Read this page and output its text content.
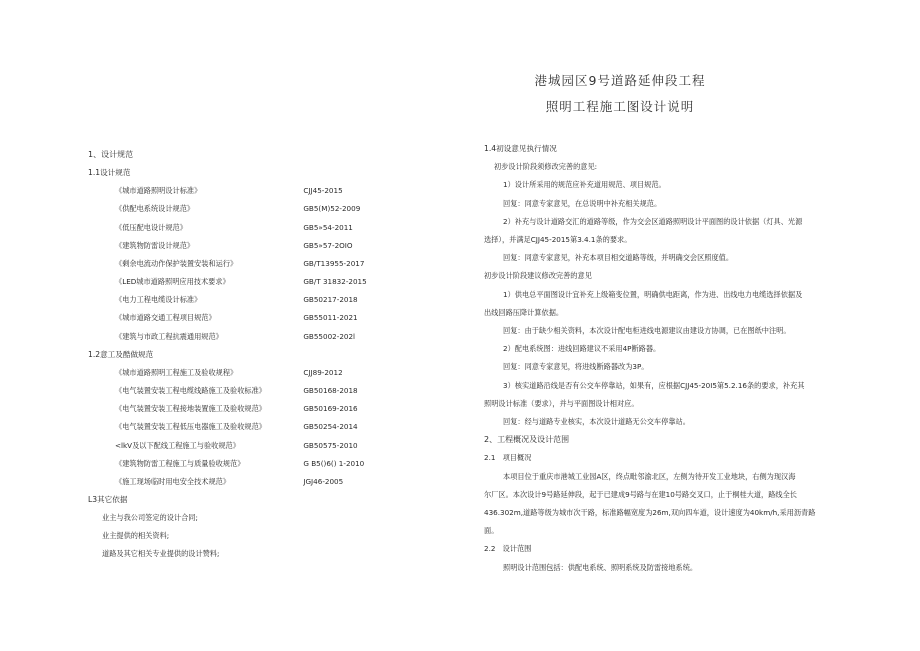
港城园区9号道路延伸段工程
照明工程施工图设计说明
1、设计规范
1.1设计规范
《城市道路照明设计标准》	CJJ45-2015
《供配电系统设计规范》	GB5(M)52-2009
《低压配电设计规范》	GB5»54-2011
《建筑物防雷设计规范》	GB5»57-2OIO
《剩余电流动作保护装置安装和运行》	GB/T13955-2017
《LED城市道路照明应用技术要求》	GB/T 31832-2015
《电力工程电缆设计标准》	GB50217-2018
《城市道路交通工程项目规范》	GB55011-2021
《建筑与市政工程抗震通用规范》	GB55002-202l
1.2意工及酷做规范
《城市道路照明工程施工及验收规程》	CJJ89-2012
《电气装置安装工程电缆线路施工及验收标准》	GB50168-2018
《电气装置安装工程接地装置施工及验收规范》	GB50169-2016
《电气装置安装工程低压电器施工及验收规范》	GB50254-2014
<lkV及以下配线工程施工与验收规范》	GB50575-2010
《建筑物防雷工程施工与质量验收规范》	G B5()6() 1-2010
《施工现场临时用电安全技术规范》	JGJ46-2005
L3其它依据
业主与我公司签定的设计合同;
业主提供的相关资料;
道路及其它相关专业提供的设计赞料;
1.4初设意见执行情况
初步设计阶段须修改完善的意见:
1）设计所采用的规范应补充道用规范、项目规范。
回复：同意专家意见，在总说明中补充相关规范。
2）补充与设计道路交汇的道路等级，作为交会区道路照明设计平面图的设计依据（灯具、光源
选择），并满足CJJ45-2015第3.4.1条的要求。
回复：同意专家意见，补充本项目相交道路等级，并明确交会区照度值。
初步设计阶段建议修改完善的意见
1）供电总平面图设计宜补充上级箱变位置，明确供电距离，作为进、出线电力电缆选择依据及
出线回路压降计算依据。
回复：由于缺少相关资料，本次设计配电柜进线电源建议由建设方协调，已在图纸中注明。
2）配电系统图：进线回路建议不采用4P断路器。
回复：同意专家意见，将进线断路器改为3P。
3）核实道路沿线是否有公交车停靠站，如果有，应根据CJJ45-20I5第5.2.16条的要求，补充其
照明设计标准（要求），并与平面图设计相对应。
回复：经与道路专业核实，本次设计道路无公交车停靠站。
2、工程概况及设计范围
2.1　项目概况
本项目位于重庆市港城工业园A区，终点毗邻渝北区，左侧为待开发工业地块，右侧为现汉海
尔厂区。本次设计9号路延伸段，起于已建成9号路与在建10号路交叉口，止于桐桂大道，路线全长
436.302m,道路等级为城市次干路，标准路幅宽度为26m,双向四车道，设计速度为40km/h,采用沥青路
面。
2.2　设计范围
照明设计范围包括：供配电系统、照明系统及防雷接地系统。
